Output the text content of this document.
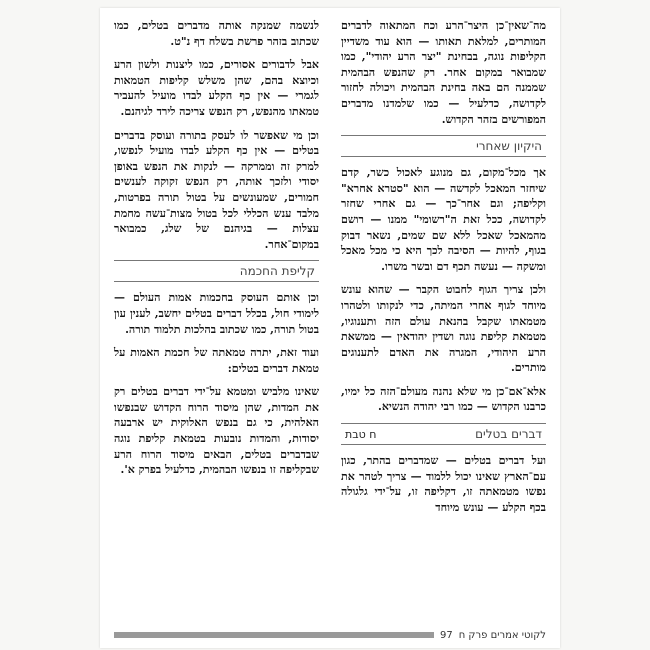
מה־שאין־כן היצר־הרע וכח המתאוה לדברים המותרים, למלאת תאותו — הוא עוד משדיין הקליפות נוגה, בבחינת "יצר הרע יהודי", כמו שמבואר במקום אחר. רק שהנפש הבהמית שממנה הם באה בחינת הבהמית ויכולה לחזור לקדושה, כדלעיל — כמו שלמדנו מדברים המפורשים בזהר הקדוש.

היקיון שאחרי

אך מכל־מקום, גם מנוגע לאכול כשר, קדם שיחזר המאכל לקדשה — הוא "סטרא אחרא" וקליפה; וגם אחר־כך — גם אחרי שחזר לקדושה, ככל זאת ה"רשומי" ממנו — רושם מהמאכל שאכל ללא שם שמים, נשאר דבוק בגוף, להיות — הסיבה לכך היא כי מכל מאכל ומשקה — נעשה תכף דם ובשר משרו.

ולכן צריך הגוף לחבוט הקבר — שהוא עונש מיוחד לגוף אחרי המיתה, כדי לנקותו ולטהרו מטמאתו שקבל בהנאת עולם הזה ותענוגיו, מטמאת קליפת נוגה ושדין יהודאין — ממשאת הרע היהודי, המגרה את האדם לתענוגים מותרים.

אלא־אם־כן מי שלא נהנה מעולם־הזה כל ימיו, כרבנו הקדוש — כמו רבי יהודה הנשיא.

דברים בטלים
ח טבת

ועל דברים בטלים — שמדברים בהתר, כגון עם־הארץ שאינו יכול ללמוד — צריך לטהר את נפשו מטמאתה זו, דקליפה זו, על־ידי גלגולה בכף הקלע — עונש מיוחד

לנשמה שמנקה אותה מדברים בטלים, כמו שכתוב בזהר פרשת בשלח דף נ"ט.

אבל לדבורים אסורים, כמו ליצנות ולשון הרע וכיוצא בהם, שהן משלש קליפות הטמאות לגמרי — אין כף הקלע לבדו מועיל להעביר טמאתו מהנפש, רק הנפש צריכה לירד לגיהנם.

וכן מי שאפשר לו לעסק בתורה ועוסק בדברים בטלים — אין כף הקלע לבדו מועיל לנפשו, למרק זה וממרקה — לנקות את הנפש באופן יסודי ולזכך אותה, רק הנפש זקוקה לענשים חמורים, שמעונשים על בטול תורה בפרטות, מלבד ענש הכללי לכל בטול מצות־עשה מחמת עצלות — בגיהנם של שלג, כמבואר במקום־אחר.

קליפת החכמה

וכן אותם העוסק בחכמות אמות העולם — לימודי חול, בכלל דברים בטלים יחשב, לענין עון בטול תורה, כמו שכתוב בהלכות תלמוד תורה.

ועוד זאת, יתרה טמאתה של חכמת האמות על טמאת דברים בטלים:

שאינו מלביש ומטמא על־ידי דברים בטלים רק את המדות, שהן מיסוד הרוח הקדוש שבנפשו האלהית, כי גם בנפש האלוקית יש ארבעה יסודות, והמדות נובעות בטמאת קליפת נוגה שבדברים בטלים, הבאים מיסוד הרוח הרע שבקליפה זו בנפשו הבהמית, כדלעיל בפרק א'.

לקוטי אמרים פרק ח
97
